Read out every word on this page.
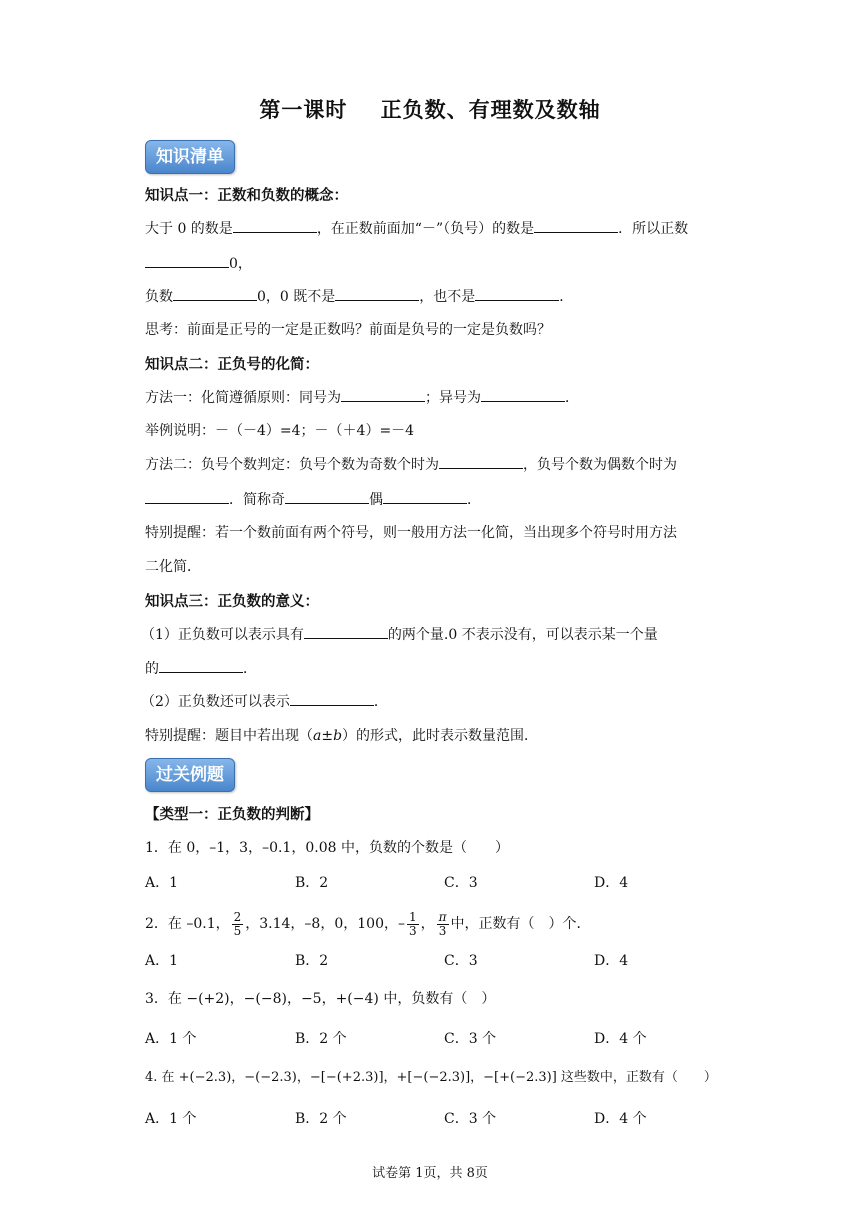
第一课时    正负数、有理数及数轴
知识清单
知识点一：正数和负数的概念：
大于 0 的数是	，在正数前面加“－”（负号）的数是	．所以正数
0，
负数	0，0 既不是	，也不是	．
思考：前面是正号的一定是正数吗？前面是负号的一定是负数吗？
知识点二：正负号的化简：
方法一：化简遵循原则：同号为	；异号为	．
举例说明：－（－4）=4；－（＋4）=－4
方法二：负号个数判定：负号个数为奇数个时为	，负号个数为偶数个时为
．简称奇	偶	．
特别提醒：若一个数前面有两个符号，则一般用方法一化简，当出现多个符号时用方法
二化简．
知识点三：正负数的意义：
（1）正负数可以表示具有	的两个量.0 不表示没有，可以表示某一个量
的	．
（2）正负数还可以表示	．
特别提醒：题目中若出现（a±b）的形式，此时表示数量范围．
过关例题
【类型一：正负数的判断】
1．在 0，–1，3，–0.1，0.08 中，负数的个数是（　　）
A．1	B．2	C．3	D．4
2．在 –0.1， $\frac{2}{5}$ ，3.14，–8，0，100，– $\frac{1}{3}$ ， $\frac{\pi}{3}$ 中，正数有（　）个．
A．1	B．2	C．3	D．4
3．在 −(+2)，−(−8)，−5，+(−4) 中，负数有（　）
A．1 个	B．2 个	C．3 个	D．4 个
4. 在 +(−2.3)，−(−2.3)，−[−(+2.3)]，+[−(−2.3)]，−[+(−2.3)] 这些数中，正数有（　　）
A．1 个	B．2 个	C．3 个	D．4 个
试卷第 1页，共 8页
